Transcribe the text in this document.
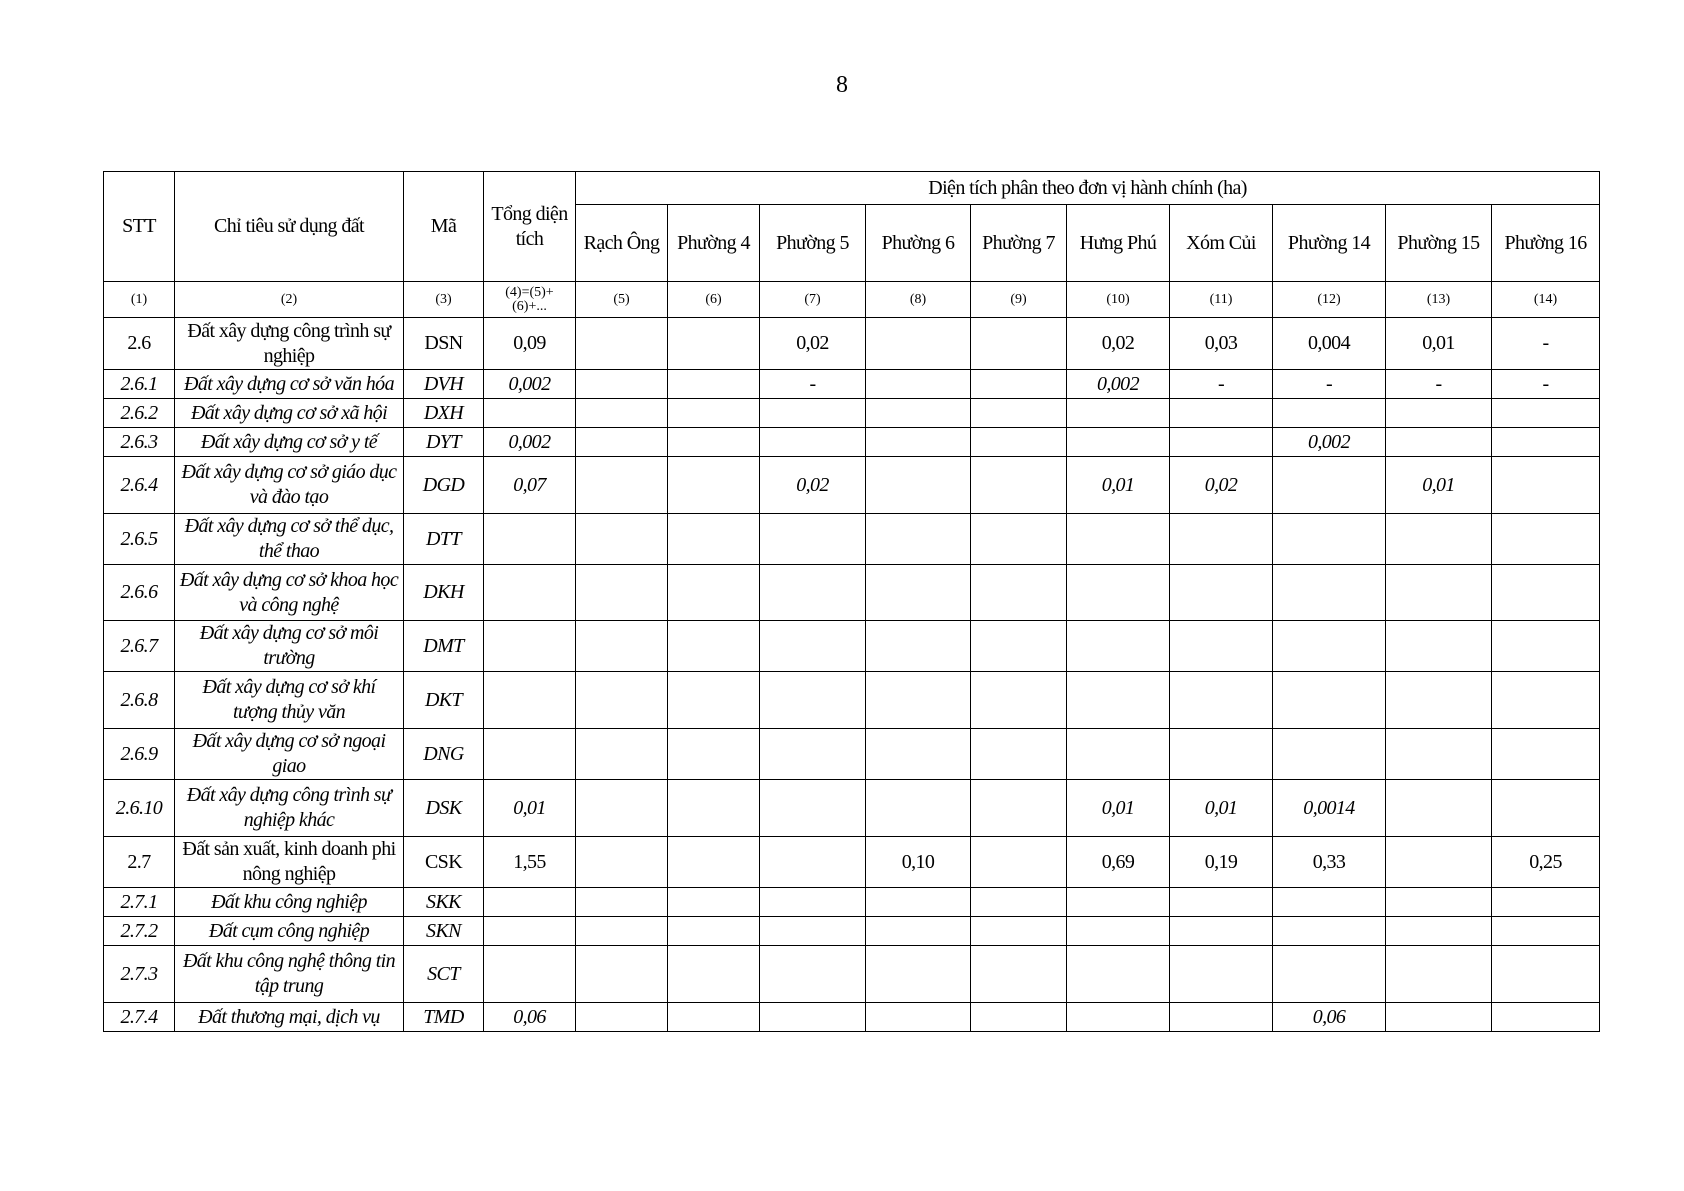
8
STT	Chỉ tiêu sử dụng đất	Mã	Tổng diện tích	Diện tích phân theo đơn vị hành chính (ha)									
				Rạch Ông	Phường 4	Phường 5	Phường 6	Phường 7	Hưng Phú	Xóm Củi	Phường 14	Phường 15	Phường 16
(1)	(2)	(3)	(4)=(5)+(6)+...	(5)	(6)	(7)	(8)	(9)	(10)	(11)	(12)	(13)	(14)
2.6	Đất xây dựng công trình sự nghiệp	DSN	0,09			0,02			0,02	0,03	0,004	0,01	-
2.6.1	Đất xây dựng cơ sở văn hóa	DVH	0,002			-			0,002	-	-	-	-
2.6.2	Đất xây dựng cơ sở xã hội	DXH											
2.6.3	Đất xây dựng cơ sở y tế	DYT	0,002								0,002		
2.6.4	Đất xây dựng cơ sở giáo dục và đào tạo	DGD	0,07			0,02			0,01	0,02		0,01	
2.6.5	Đất xây dựng cơ sở thể dục, thể thao	DTT											
2.6.6	Đất xây dựng cơ sở khoa học và công nghệ	DKH											
2.6.7	Đất xây dựng cơ sở môi trường	DMT											
2.6.8	Đất xây dựng cơ sở khí tượng thủy văn	DKT											
2.6.9	Đất xây dựng cơ sở ngoại giao	DNG											
2.6.10	Đất xây dựng công trình sự nghiệp khác	DSK	0,01						0,01	0,01	0,0014		
2.7	Đất sản xuất, kinh doanh phi nông nghiệp	CSK	1,55				0,10		0,69	0,19	0,33		0,25
2.7.1	Đất khu công nghiệp	SKK											
2.7.2	Đất cụm công nghiệp	SKN											
2.7.3	Đất khu công nghệ thông tin tập trung	SCT											
2.7.4	Đất thương mại, dịch vụ	TMD	0,06								0,06		
